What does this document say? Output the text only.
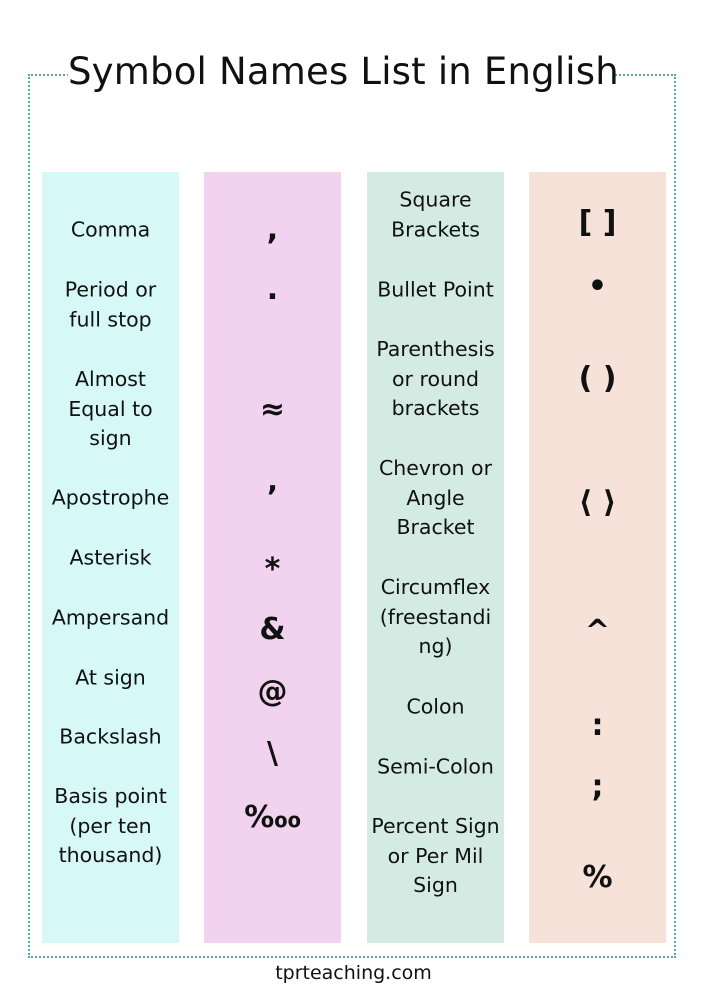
Symbol Names List in English
Comma
Period or
full stop
Almost
Equal to
sign
Apostrophe
Asterisk
Ampersand
At sign
Backslash
Basis point
(per ten
thousand)
,
.
≈
’
*
&
@
\
‱
Square
Brackets
Bullet Point
Parenthesis
or round
brackets
Chevron or
Angle
Bracket
Circumflex
(freestandi
ng)
Colon
Semi-Colon
Percent Sign
or Per Mil
Sign
[ ]
•
( )
⟨ ⟩
^
:
;
%
tprteaching.com
